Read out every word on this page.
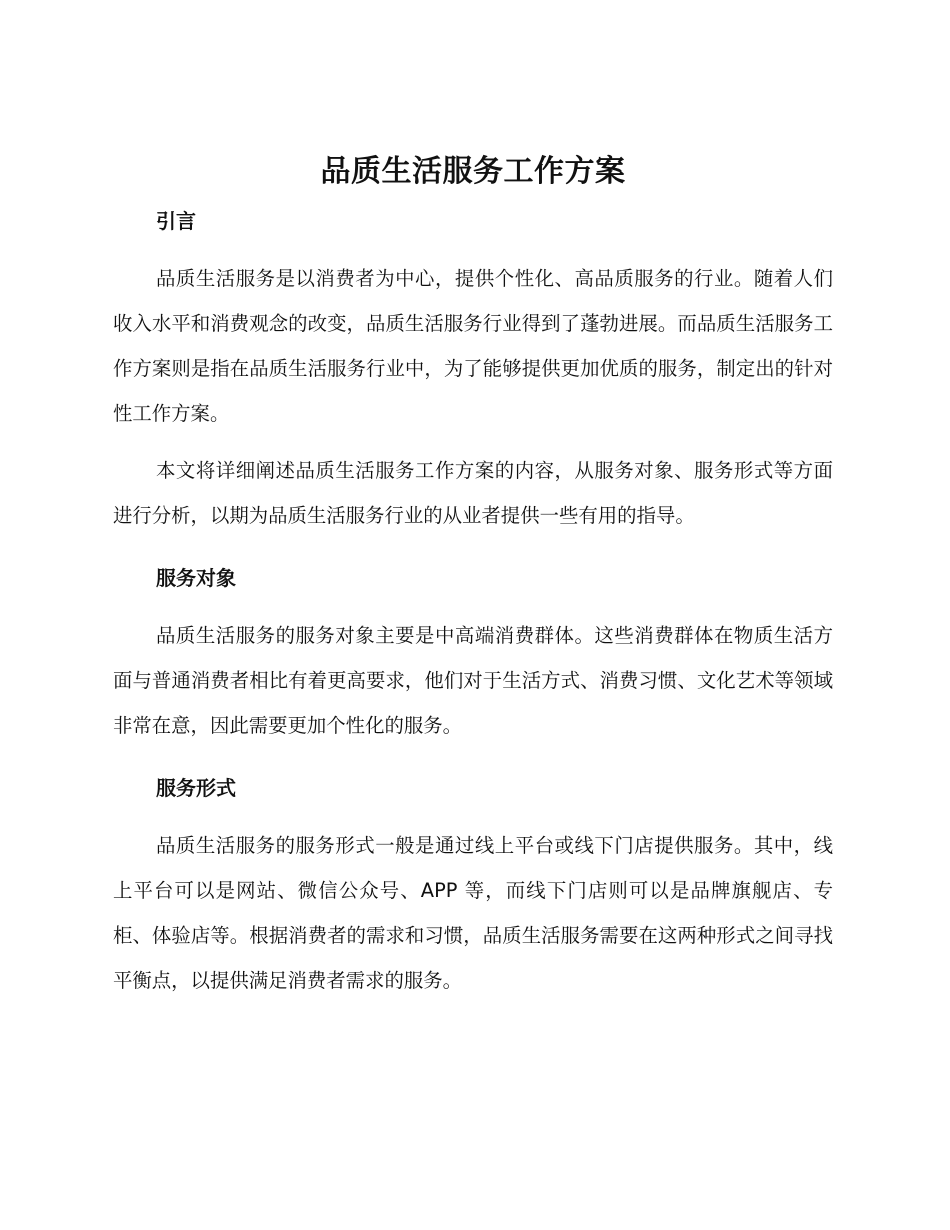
品质生活服务工作方案
引言

品质生活服务是以消费者为中心，提供个性化、高品质服务的行业。随着人们收入水平和消费观念的改变，品质生活服务行业得到了蓬勃进展。而品质生活服务工作方案则是指在品质生活服务行业中，为了能够提供更加优质的服务，制定出的针对性工作方案。

本文将详细阐述品质生活服务工作方案的内容，从服务对象、服务形式等方面进行分析，以期为品质生活服务行业的从业者提供一些有用的指导。

服务对象

品质生活服务的服务对象主要是中高端消费群体。这些消费群体在物质生活方面与普通消费者相比有着更高要求，他们对于生活方式、消费习惯、文化艺术等领域非常在意，因此需要更加个性化的服务。

服务形式

品质生活服务的服务形式一般是通过线上平台或线下门店提供服务。其中，线上平台可以是网站、微信公众号、APP 等，而线下门店则可以是品牌旗舰店、专柜、体验店等。根据消费者的需求和习惯，品质生活服务需要在这两种形式之间寻找平衡点，以提供满足消费者需求的服务。
